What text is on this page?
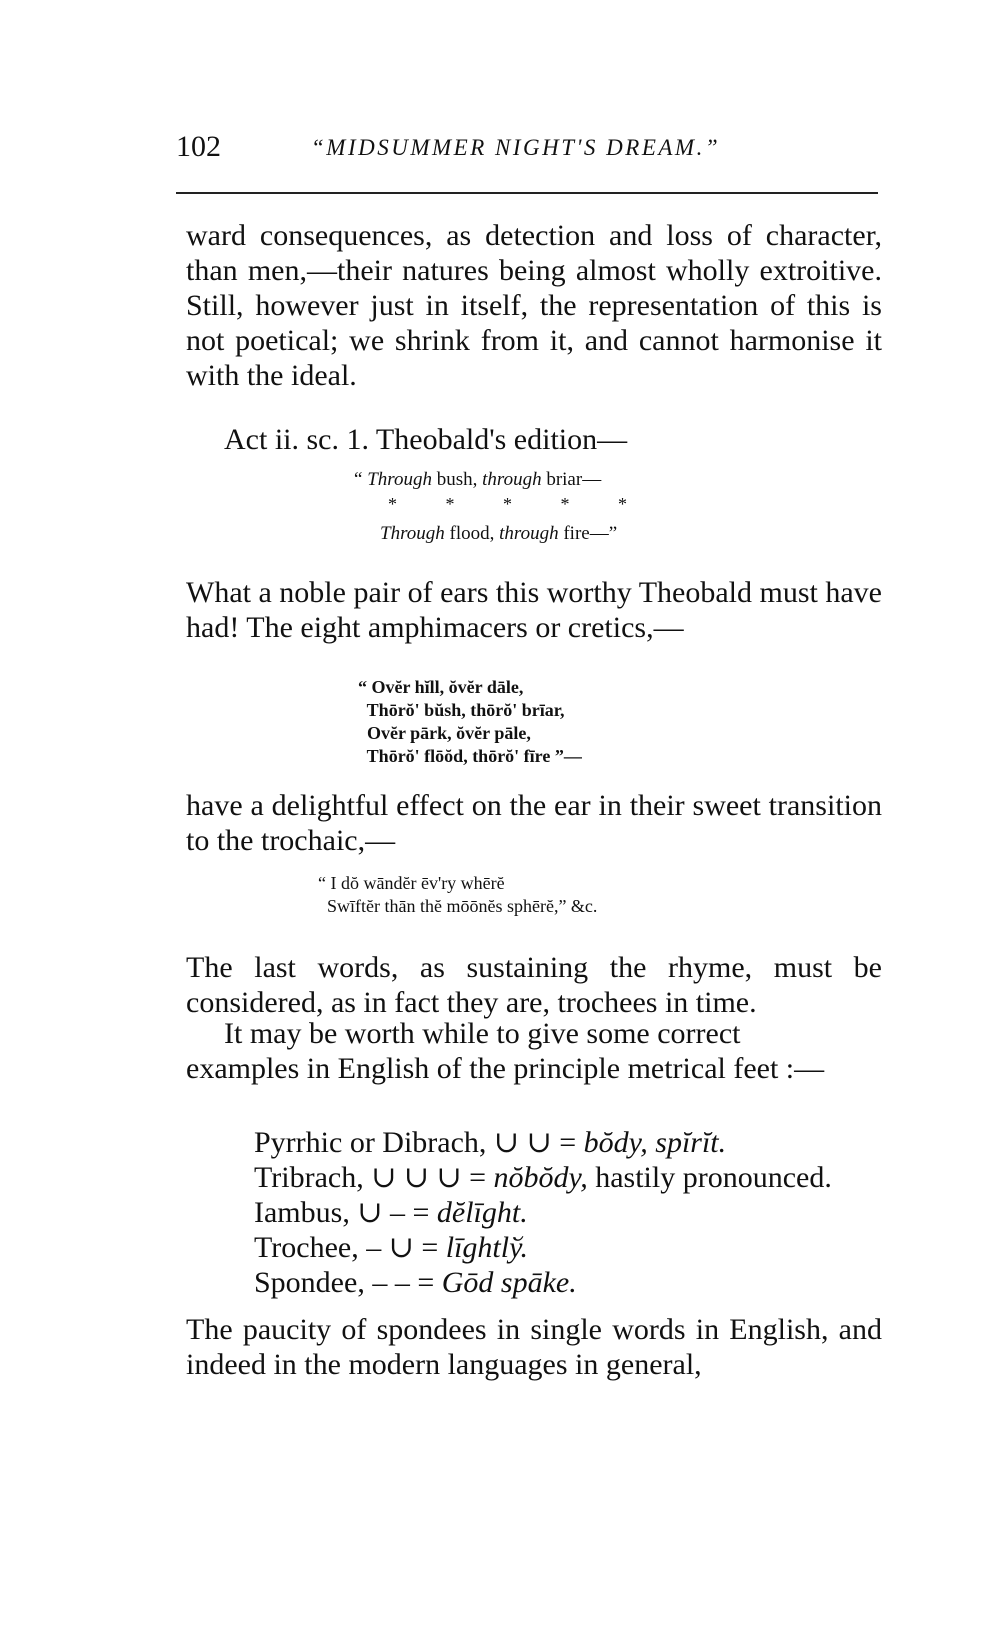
102	“MIDSUMMER NIGHT'S DREAM.”
ward consequences, as detection and loss of character, than men,—their natures being almost wholly extroitive. Still, however just in itself, the representation of this is not poetical; we shrink from it, and cannot harmonise it with the ideal.
Act ii. sc. 1. Theobald's edition—
“ Through bush, through briar—
* * * * *
Through flood, through fire—”
What a noble pair of ears this worthy Theobald must have had! The eight amphimacers or cretics,—
“ Ovĕr hĭll, ŏvĕr dāle,
Thōrŏ' bŭsh, thōrŏ' brīar,
Ovĕr pārk, ŏvĕr pāle,
Thōrŏ' flōŏd, thōrŏ' fīre ”—
have a delightful effect on the ear in their sweet transition to the trochaic,—
“ I dŏ wāndĕr ēv'ry whērĕ
Swīftĕr thān thĕ mōōnĕs sphērĕ,” &c.
The last words, as sustaining the rhyme, must be considered, as in fact they are, trochees in time.
It may be worth while to give some correct
examples in English of the principle metrical feet :—
Pyrrhic or Dibrach, ∪ ∪ = bŏdy, spĭrĭt.
Tribrach, ∪ ∪ ∪ = nŏbŏdy, hastily pronounced.
Iambus, ∪ – = dĕlīght.
Trochee, – ∪ = līghtlў.
Spondee, – – = Gōd spāke.
The paucity of spondees in single words in English, and indeed in the modern languages in general,
